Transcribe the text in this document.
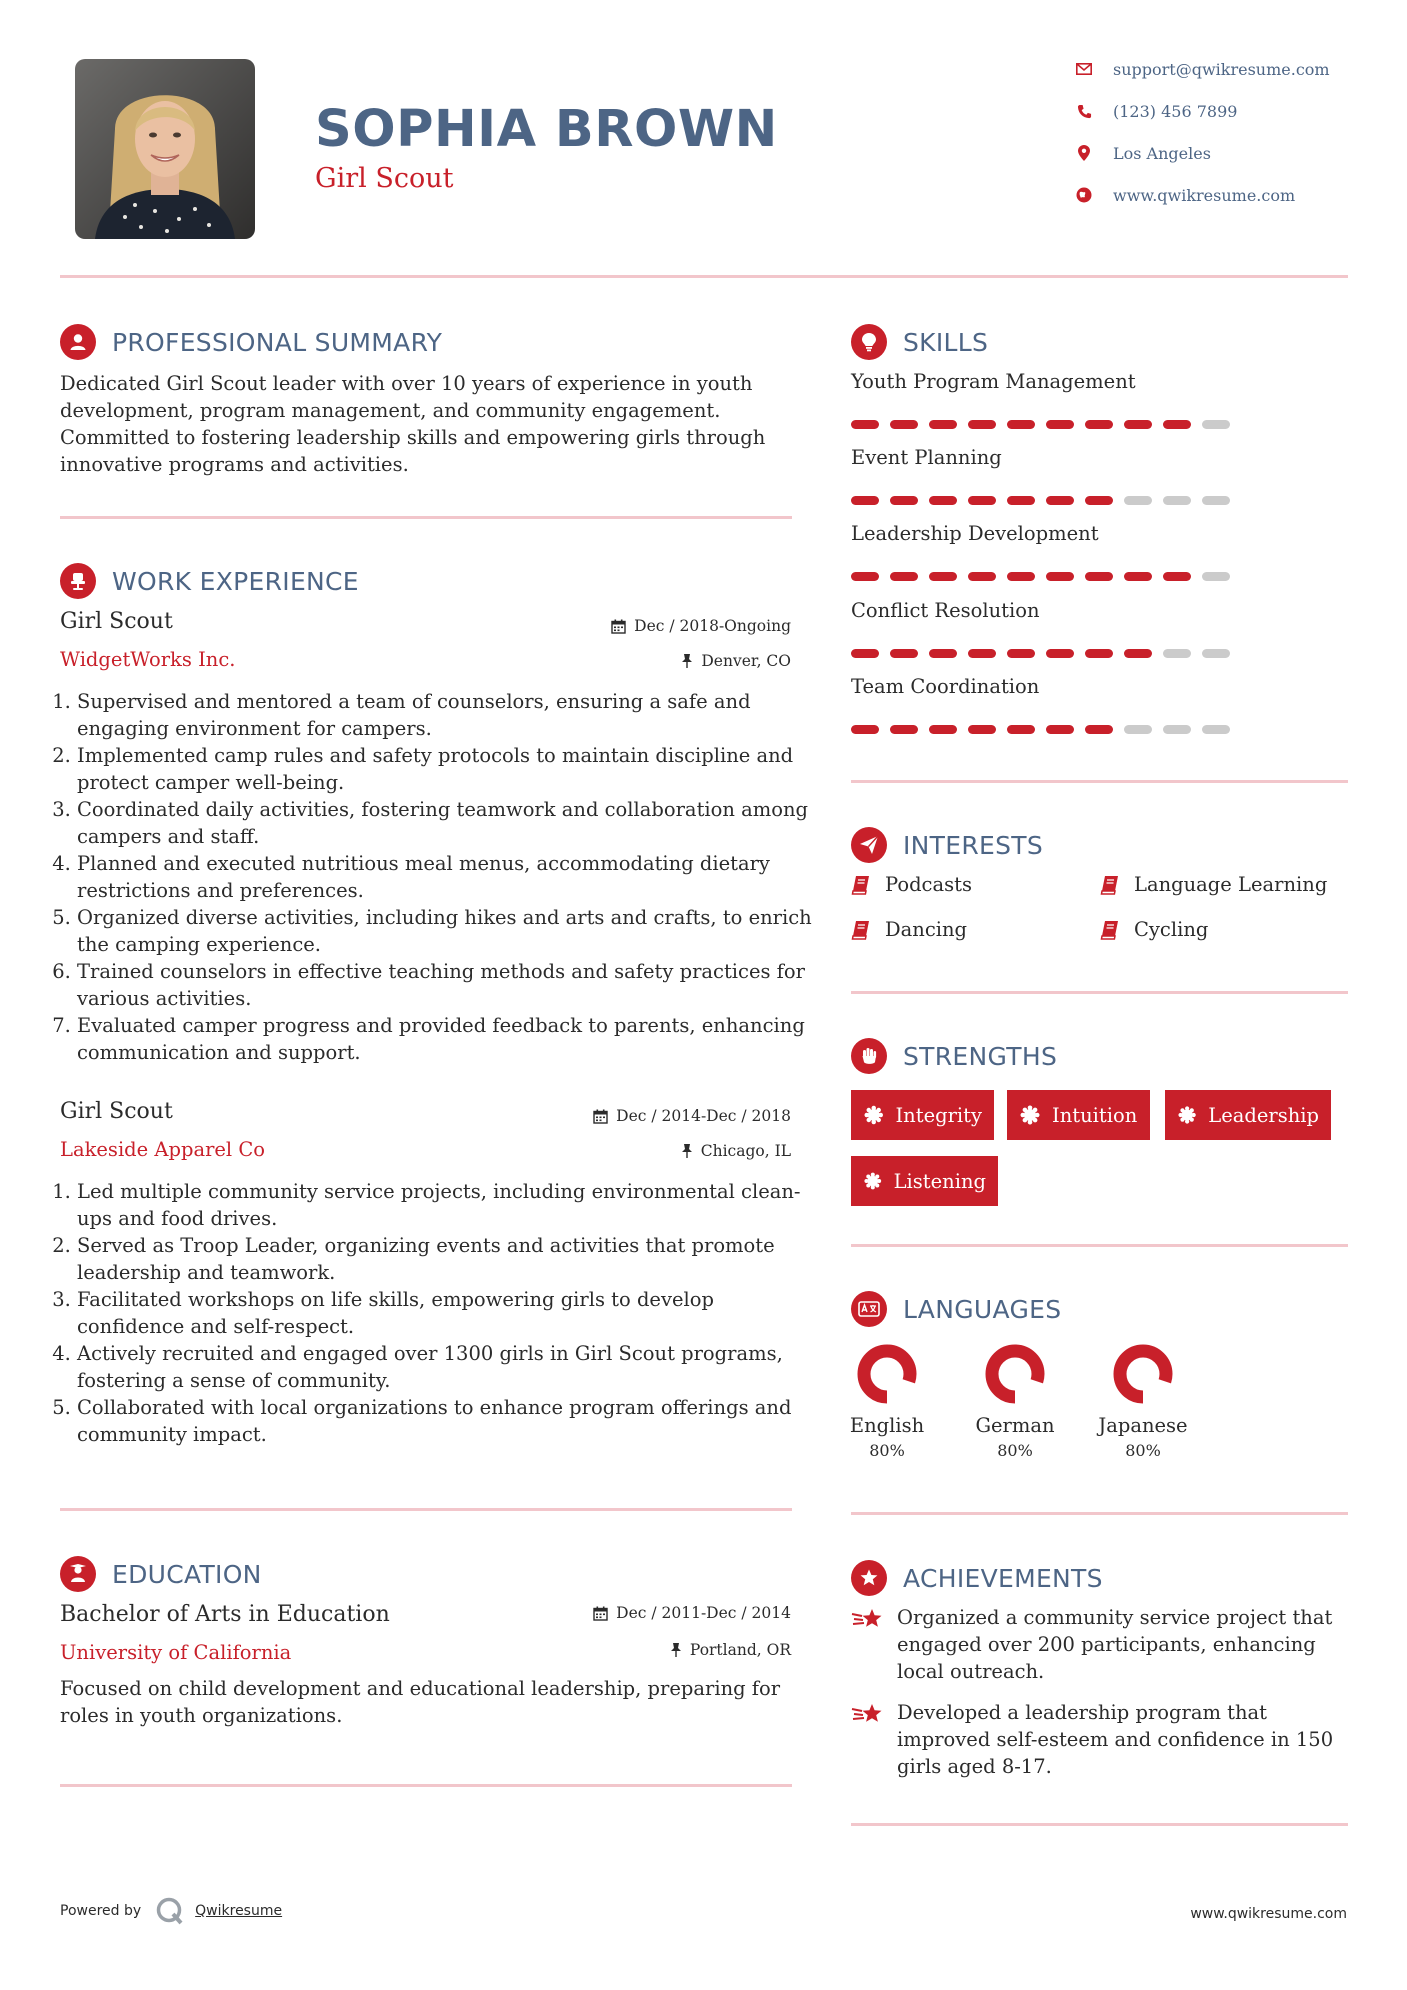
SOPHIA BROWN
Girl Scout
support@qwikresume.com
(123) 456 7899
Los Angeles
www.qwikresume.com
PROFESSIONAL SUMMARY
Dedicated Girl Scout leader with over 10 years of experience in youth development, program management, and community engagement. Committed to fostering leadership skills and empowering girls through innovative programs and activities.
WORK EXPERIENCE
Girl Scout
WidgetWorks Inc.
Dec / 2018-Ongoing
Denver, CO
1. Supervised and mentored a team of counselors, ensuring a safe and engaging environment for campers.
2. Implemented camp rules and safety protocols to maintain discipline and protect camper well-being.
3. Coordinated daily activities, fostering teamwork and collaboration among campers and staff.
4. Planned and executed nutritious meal menus, accommodating dietary restrictions and preferences.
5. Organized diverse activities, including hikes and arts and crafts, to enrich the camping experience.
6. Trained counselors in effective teaching methods and safety practices for various activities.
7. Evaluated camper progress and provided feedback to parents, enhancing communication and support.
Girl Scout
Lakeside Apparel Co
Dec / 2014-Dec / 2018
Chicago, IL
1. Led multiple community service projects, including environmental clean-ups and food drives.
2. Served as Troop Leader, organizing events and activities that promote leadership and teamwork.
3. Facilitated workshops on life skills, empowering girls to develop confidence and self-respect.
4. Actively recruited and engaged over 1300 girls in Girl Scout programs, fostering a sense of community.
5. Collaborated with local organizations to enhance program offerings and community impact.
EDUCATION
Bachelor of Arts in Education
University of California
Dec / 2011-Dec / 2014
Portland, OR
Focused on child development and educational leadership, preparing for roles in youth organizations.
SKILLS
Youth Program Management
Event Planning
Leadership Development
Conflict Resolution
Team Coordination
INTERESTS
Podcasts	Language Learning
Dancing	Cycling
STRENGTHS
Integrity	Intuition	Leadership
Listening
LANGUAGES
English
80%
German
80%
Japanese
80%
ACHIEVEMENTS
Organized a community service project that engaged over 200 participants, enhancing local outreach.
Developed a leadership program that improved self-esteem and confidence in 150 girls aged 8-17.
Powered by	Qwikresume	www.qwikresume.com
